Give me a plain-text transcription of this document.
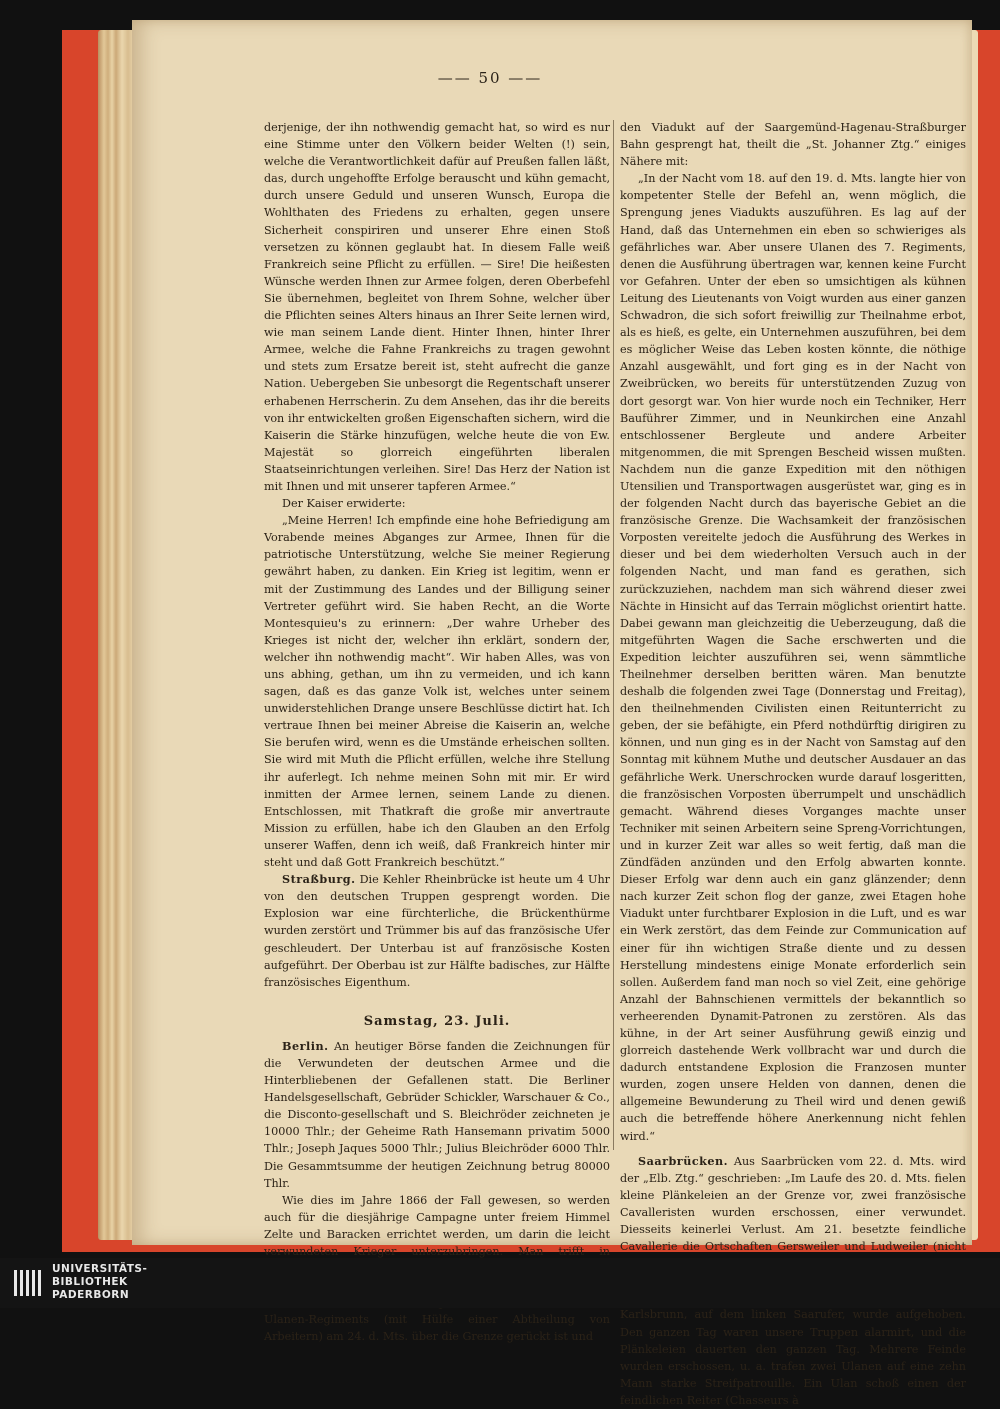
—— 50 ——

derjenige, der ihn nothwendig gemacht hat, so wird es nur eine Stimme unter den Völkern beider Welten (!) sein, welche die Verantwortlichkeit dafür auf Preußen fallen läßt, das, durch ungehoffte Erfolge berauscht und kühn gemacht, durch unsere Geduld und unseren Wunsch, Europa die Wohlthaten des Friedens zu erhalten, gegen unsere Sicherheit conspiriren und unserer Ehre einen Stoß versetzen zu können geglaubt hat. In diesem Falle weiß Frankreich seine Pflicht zu erfüllen. — Sire! Die heißesten Wünsche werden Ihnen zur Armee folgen, deren Oberbefehl Sie übernehmen, begleitet von Ihrem Sohne, welcher über die Pflichten seines Alters hinaus an Ihrer Seite lernen wird, wie man seinem Lande dient. Hinter Ihnen, hinter Ihrer Armee, welche die Fahne Frankreichs zu tragen gewohnt und stets zum Ersatze bereit ist, steht aufrecht die ganze Nation. Uebergeben Sie unbesorgt die Regentschaft unserer erhabenen Herrscherin. Zu dem Ansehen, das ihr die bereits von ihr entwickelten großen Eigenschaften sichern, wird die Kaiserin die Stärke hinzufügen, welche heute die von Ew. Majestät so glorreich eingeführten liberalen Staatseinrichtungen verleihen. Sire! Das Herz der Nation ist mit Ihnen und mit unserer tapferen Armee.“

Der Kaiser erwiderte:

„Meine Herren! Ich empfinde eine hohe Befriedigung am Vorabende meines Abganges zur Armee, Ihnen für die patriotische Unterstützung, welche Sie meiner Regierung gewährt haben, zu danken. Ein Krieg ist legitim, wenn er mit der Zustimmung des Landes und der Billigung seiner Vertreter geführt wird. Sie haben Recht, an die Worte Montesquieu's zu erinnern: „Der wahre Urheber des Krieges ist nicht der, welcher ihn erklärt, sondern der, welcher ihn nothwendig macht“. Wir haben Alles, was von uns abhing, gethan, um ihn zu vermeiden, und ich kann sagen, daß es das ganze Volk ist, welches unter seinem unwiderstehlichen Drange unsere Beschlüsse dictirt hat. Ich vertraue Ihnen bei meiner Abreise die Kaiserin an, welche Sie berufen wird, wenn es die Umstände erheischen sollten. Sie wird mit Muth die Pflicht erfüllen, welche ihre Stellung ihr auferlegt. Ich nehme meinen Sohn mit mir. Er wird inmitten der Armee lernen, seinem Lande zu dienen. Entschlossen, mit Thatkraft die große mir anvertraute Mission zu erfüllen, habe ich den Glauben an den Erfolg unserer Waffen, denn ich weiß, daß Frankreich hinter mir steht und daß Gott Frankreich beschützt.“

Straßburg. Die Kehler Rheinbrücke ist heute um 4 Uhr von den deutschen Truppen gesprengt worden. Die Explosion war eine fürchterliche, die Brückenthürme wurden zerstört und Trümmer bis auf das französische Ufer geschleudert. Der Unterbau ist auf französische Kosten aufgeführt. Der Oberbau ist zur Hälfte badisches, zur Hälfte französisches Eigenthum.

Samstag, 23. Juli.

Berlin. An heutiger Börse fanden die Zeichnungen für die Verwundeten der deutschen Armee und die Hinterbliebenen der Gefallenen statt. Die Berliner Handelsgesellschaft, Gebrüder Schickler, Warschauer & Co., die Disconto-gesellschaft und S. Bleichröder zeichneten je 10000 Thlr.; der Geheime Rath Hansemann privatim 5000 Thlr.; Joseph Jaques 5000 Thlr.; Julius Bleichröder 6000 Thlr. Die Gesammtsumme der heutigen Zeichnung betrug 80000 Thlr.

Wie dies im Jahre 1866 der Fall gewesen, so werden auch für die diesjährige Campagne unter freiem Himmel Zelte und Baracken errichtet werden, um darin die leicht verwundeten Krieger unterzubringen. Man trifft in

Ulanen-Regiments (mit Hülfe einer Abtheilung von Arbeitern) am 24. d. Mts. über die Grenze gerückt ist und

den Viadukt auf der Saargemünd-Hagenau-Straßburger Bahn gesprengt hat, theilt die „St. Johanner Ztg.“ einiges Nähere mit:

„In der Nacht vom 18. auf den 19. d. Mts. langte hier von kompetenter Stelle der Befehl an, wenn möglich, die Sprengung jenes Viadukts auszuführen. Es lag auf der Hand, daß das Unternehmen ein eben so schwieriges als gefährliches war. Aber unsere Ulanen des 7. Regiments, denen die Ausführung übertragen war, kennen keine Furcht vor Gefahren. Unter der eben so umsichtigen als kühnen Leitung des Lieutenants von Voigt wurden aus einer ganzen Schwadron, die sich sofort freiwillig zur Theilnahme erbot, als es hieß, es gelte, ein Unternehmen auszuführen, bei dem es möglicher Weise das Leben kosten könnte, die nöthige Anzahl ausgewählt, und fort ging es in der Nacht von Zweibrücken, wo bereits für unterstützenden Zuzug von dort gesorgt war. Von hier wurde noch ein Techniker, Herr Bauführer Zimmer, und in Neunkirchen eine Anzahl entschlossener Bergleute und andere Arbeiter mitgenommen, die mit Sprengen Bescheid wissen mußten. Nachdem nun die ganze Expedition mit den nöthigen Utensilien und Transportwagen ausgerüstet war, ging es in der folgenden Nacht durch das bayerische Gebiet an die französische Grenze. Die Wachsamkeit der französischen Vorposten vereitelte jedoch die Ausführung des Werkes in dieser und bei dem wiederholten Versuch auch in der folgenden Nacht, und man fand es gerathen, sich zurückzuziehen, nachdem man sich während dieser zwei Nächte in Hinsicht auf das Terrain möglichst orientirt hatte. Dabei gewann man gleichzeitig die Ueberzeugung, daß die mitgeführten Wagen die Sache erschwerten und die Expedition leichter auszuführen sei, wenn sämmtliche Theilnehmer derselben beritten wären. Man benutzte deshalb die folgenden zwei Tage (Donnerstag und Freitag), den theilnehmenden Civilisten einen Reitunterricht zu geben, der sie befähigte, ein Pferd nothdürftig dirigiren zu können, und nun ging es in der Nacht von Samstag auf den Sonntag mit kühnem Muthe und deutscher Ausdauer an das gefährliche Werk. Unerschrocken wurde darauf losgeritten, die französischen Vorposten überrumpelt und unschädlich gemacht. Während dieses Vorganges machte unser Techniker mit seinen Arbeitern seine Spreng-Vorrichtungen, und in kurzer Zeit war alles so weit fertig, daß man die Zündfäden anzünden und den Erfolg abwarten konnte. Dieser Erfolg war denn auch ein ganz glänzender; denn nach kurzer Zeit schon flog der ganze, zwei Etagen hohe Viadukt unter furchtbarer Explosion in die Luft, und es war ein Werk zerstört, das dem Feinde zur Communication auf einer für ihn wichtigen Straße diente und zu dessen Herstellung mindestens einige Monate erforderlich sein sollen. Außerdem fand man noch so viel Zeit, eine gehörige Anzahl der Bahnschienen vermittels der bekanntlich so verheerenden Dynamit-Patronen zu zerstören. Als das kühne, in der Art seiner Ausführung gewiß einzig und glorreich dastehende Werk vollbracht war und durch die dadurch entstandene Explosion die Franzosen munter wurden, zogen unsere Helden von dannen, denen die allgemeine Bewunderung zu Theil wird und denen gewiß auch die betreffende höhere Anerkennung nicht fehlen wird.“

Saarbrücken. Aus Saarbrücken vom 22. d. Mts. wird der „Elb. Ztg.“ geschrieben: „Im Laufe des 20. d. Mts. fielen kleine Plänkeleien an der Grenze vor, zwei französische Cavalleristen wurden erschossen, einer verwundet. Diesseits keinerlei Verlust. Am 21. besetzte feindliche Cavallerie die Ortschaften Gersweiler und Ludweiler (nicht Karlsbrunn, auf dem linken Saarufer, wurde aufgehoben. Den ganzen Tag waren unsere Truppen alarmirt, und die Plänkeleien dauerten den ganzen Tag. Mehrere Feinde wurden erschossen, u. a. trafen zwei Ulanen auf eine zehn Mann starke Streifpatrouille. Ein Ulan schoß einen der feindlichen Reiter (Chasseurs à

UNIVERSITÄTS-
BIBLIOTHEK
PADERBORN
